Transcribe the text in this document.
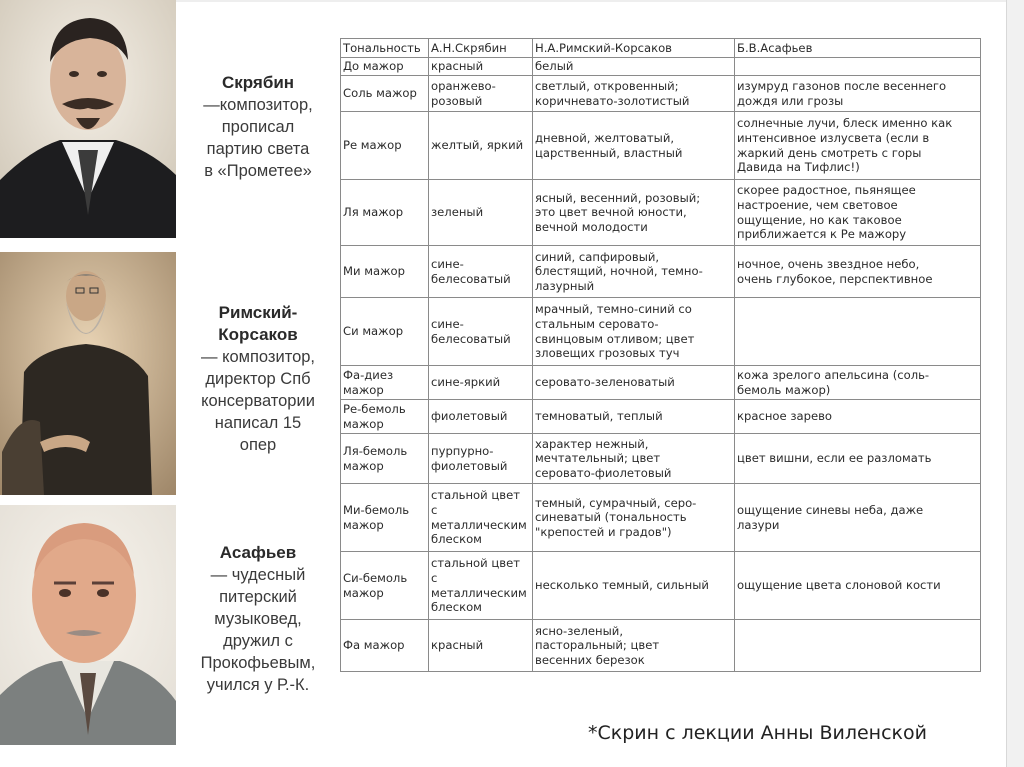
Скрябин
—композитор,
прописал
партию света
в «Прометее»
Римский-
Корсаков
— композитор,
директор Спб
консерватории
написал 15
опер
Асафьев
— чудесный
питерский
музыковед,
дружил с
Прокофьевым,
учился у Р.-К.
Тональность	А.Н.Скрябин	Н.А.Римский-Корсаков	Б.В.Асафьев
До мажор	красный	белый	
Соль мажор	оранжево-
розовый	светлый, откровенный;
коричневато-золотистый	изумруд газонов после весеннего
дождя или грозы
Ре мажор	желтый, яркий	дневной, желтоватый,
царственный, властный	солнечные лучи, блеск именно как
интенсивное излусвета (если в
жаркий день смотреть с горы
Давида на Тифлис!)
Ля мажор	зеленый	ясный, весенний, розовый;
это цвет вечной юности,
вечной молодости	скорее радостное, пьянящее
настроение, чем световое
ощущение, но как таковое
приближается к Ре мажору
Ми мажор	сине-
белесоватый	синий, сапфировый,
блестящий, ночной, темно-
лазурный	ночное, очень звездное небо,
очень глубокое, перспективное
Си мажор	сине-
белесоватый	мрачный, темно-синий со
стальным серовато-
свинцовым отливом; цвет
зловещих грозовых туч	
Фа-диез
мажор	сине-яркий	серовато-зеленоватый	кожа зрелого апельсина (соль-
бемоль мажор)
Ре-бемоль
мажор	фиолетовый	темноватый, теплый	красное зарево
Ля-бемоль
мажор	пурпурно-
фиолетовый	характер нежный,
мечтательный; цвет
серовато-фиолетовый	цвет вишни, если ее разломать
Ми-бемоль
мажор	стальной цвет
с
металлическим
блеском	темный, сумрачный, серо-
синеватый (тональность
"крепостей и градов")	ощущение синевы неба, даже
лазури
Си-бемоль
мажор	стальной цвет
с
металлическим
блеском	несколько темный, сильный	ощущение цвета слоновой кости
Фа мажор	красный	ясно-зеленый,
пасторальный; цвет
весенних березок	
*Скрин с лекции Анны Виленской
